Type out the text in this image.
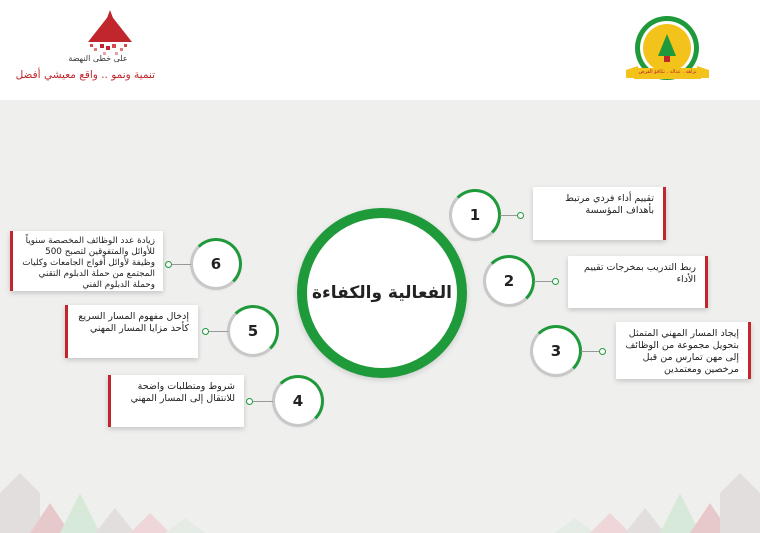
على خطى النهضة
تنمية ونمو .. واقع معيشي أفضل	نزاهة . عدالة . تكافؤ الفرص
الفعالية والكفاءة
1
تقييم أداء فردي مرتبط بأهداف المؤسسة
2
ربط التدريب بمخرجات تقييم الأداء
3
إيجاد المسار المهني المتمثل بتحويل مجموعة من الوظائف إلى مهن تمارس من قبل مرخصين ومعتمدين
4
شروط ومتطلبات واضحة للانتقال إلى المسار المهني
5
إدخال مفهوم المسار السريع كأحد مزايا المسار المهني
6
زيادة عدد الوظائف المخصصة سنوياً للأوائل والمتفوقين لتصبح 500 وظيفة لأوائل أفواج الجامعات وكليات المجتمع من حملة الدبلوم التقني وحملة الدبلوم الفني
